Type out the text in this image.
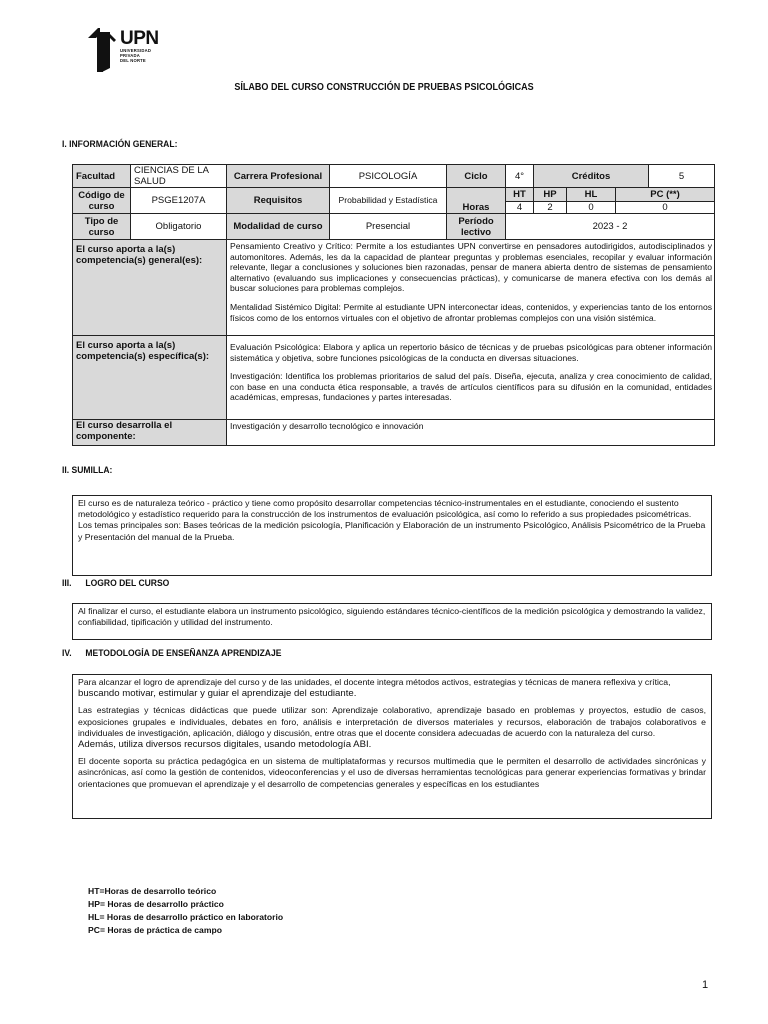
UPN
UNIVERSIDAD
PRIVADA
DEL NORTE
SÍLABO DEL CURSO CONSTRUCCIÓN DE PRUEBAS PSICOLÓGICAS
I. INFORMACIÓN GENERAL:
Facultad	CIENCIAS DE LA SALUD	Carrera Profesional	PSICOLOGÍA	Ciclo	4°	Créditos			5
Código de curso	PSGE1207A	Requisitos	Probabilidad y Estadística	Horas	HT	HP	HL	PC (**)	
					4	2	0	0	
Tipo de curso	Obligatorio	Modalidad de curso	Presencial	Período lectivo	2023 - 2				
El curso aporta a la(s) competencia(s) general(es):		Pensamiento Creativo y Crítico: Permite a los estudiantes UPN convertirse en pensadores autodirigidos, autodisciplinados y automonitores. Además, les da la capacidad de plantear preguntas y problemas esenciales, recopilar y evaluar información relevante, llegar a conclusiones y soluciones bien razonadas, pensar de manera abierta dentro de sistemas de pensamiento alternativo (evaluando sus implicaciones y consecuencias prácticas), y comunicarse de manera efectiva con los demás al buscar soluciones para problemas complejos.
Mentalidad Sistémico Digital: Permite al estudiante UPN interconectar ideas, contenidos, y experiencias tanto de los entornos físicos como de los entornos virtuales con el objetivo de afrontar problemas complejos con una visión sistémica.							

El curso aporta a la(s) competencia(s) específica(s):		Evaluación Psicológica: Elabora y aplica un repertorio básico de técnicas y de pruebas psicológicas para obtener información sistemática y objetiva, sobre funciones psicológicas de la conducta en diversas situaciones.
Investigación: Identifica los problemas prioritarios de salud del país. Diseña, ejecuta, analiza y crea conocimiento de calidad, con base en una conducta ética responsable, a través de artículos científicos para su difusión en la comunidad, entidades académicas, empresas, fundaciones y partes interesadas.							

El curso desarrolla el componente:		Investigación y desarrollo tecnológico e innovación							
II. SUMILLA:

El curso es de naturaleza teórico - práctico y tiene como propósito desarrollar competencias técnico-instrumentales en el estudiante, conociendo el sustento metodológico y estadístico requerido para la construcción de los instrumentos de evaluación psicológica, así como lo referido a sus propiedades psicométricas.

Los temas principales son: Bases teóricas de la medición psicología, Planificación y Elaboración de un instrumento Psicológico, Análisis Psicométrico de la Prueba y Presentación del manual de la Prueba.

III. LOGRO DEL CURSO

Al finalizar el curso, el estudiante elabora un instrumento psicológico, siguiendo estándares técnico-científicos de la medición psicológica y demostrando la validez, confiabilidad, tipificación y utilidad del instrumento.

IV. METODOLOGÍA DE ENSEÑANZA APRENDIZAJE

Para alcanzar el logro de aprendizaje del curso y de las unidades, el docente integra métodos activos, estrategias y técnicas de manera reflexiva y crítica,

buscando motivar, estimular y guiar el aprendizaje del estudiante.

Las estrategias y técnicas didácticas que puede utilizar son: Aprendizaje colaborativo, aprendizaje basado en problemas y proyectos, estudio de casos, exposiciones grupales e individuales, debates en foro, análisis e interpretación de diversos materiales y recursos, elaboración de trabajos colaborativos e individuales de investigación, aplicación, diálogo y discusión, entre otras que el docente considera adecuadas de acuerdo con la naturaleza del curso.

Además, utiliza diversos recursos digitales, usando metodología ABI.

El docente soporta su práctica pedagógica en un sistema de multiplataformas y recursos multimedia que le permiten el desarrollo de actividades sincrónicas y asincrónicas, así como la gestión de contenidos, videoconferencias y el uso de diversas herramientas tecnológicas para generar experiencias formativas y brindar orientaciones que promuevan el aprendizaje y el desarrollo de competencias generales y específicas en los estudiantes

HT=Horas de desarrollo teórico
HP= Horas de desarrollo práctico
HL= Horas de desarrollo práctico en laboratorio
PC= Horas de práctica de campo
1
